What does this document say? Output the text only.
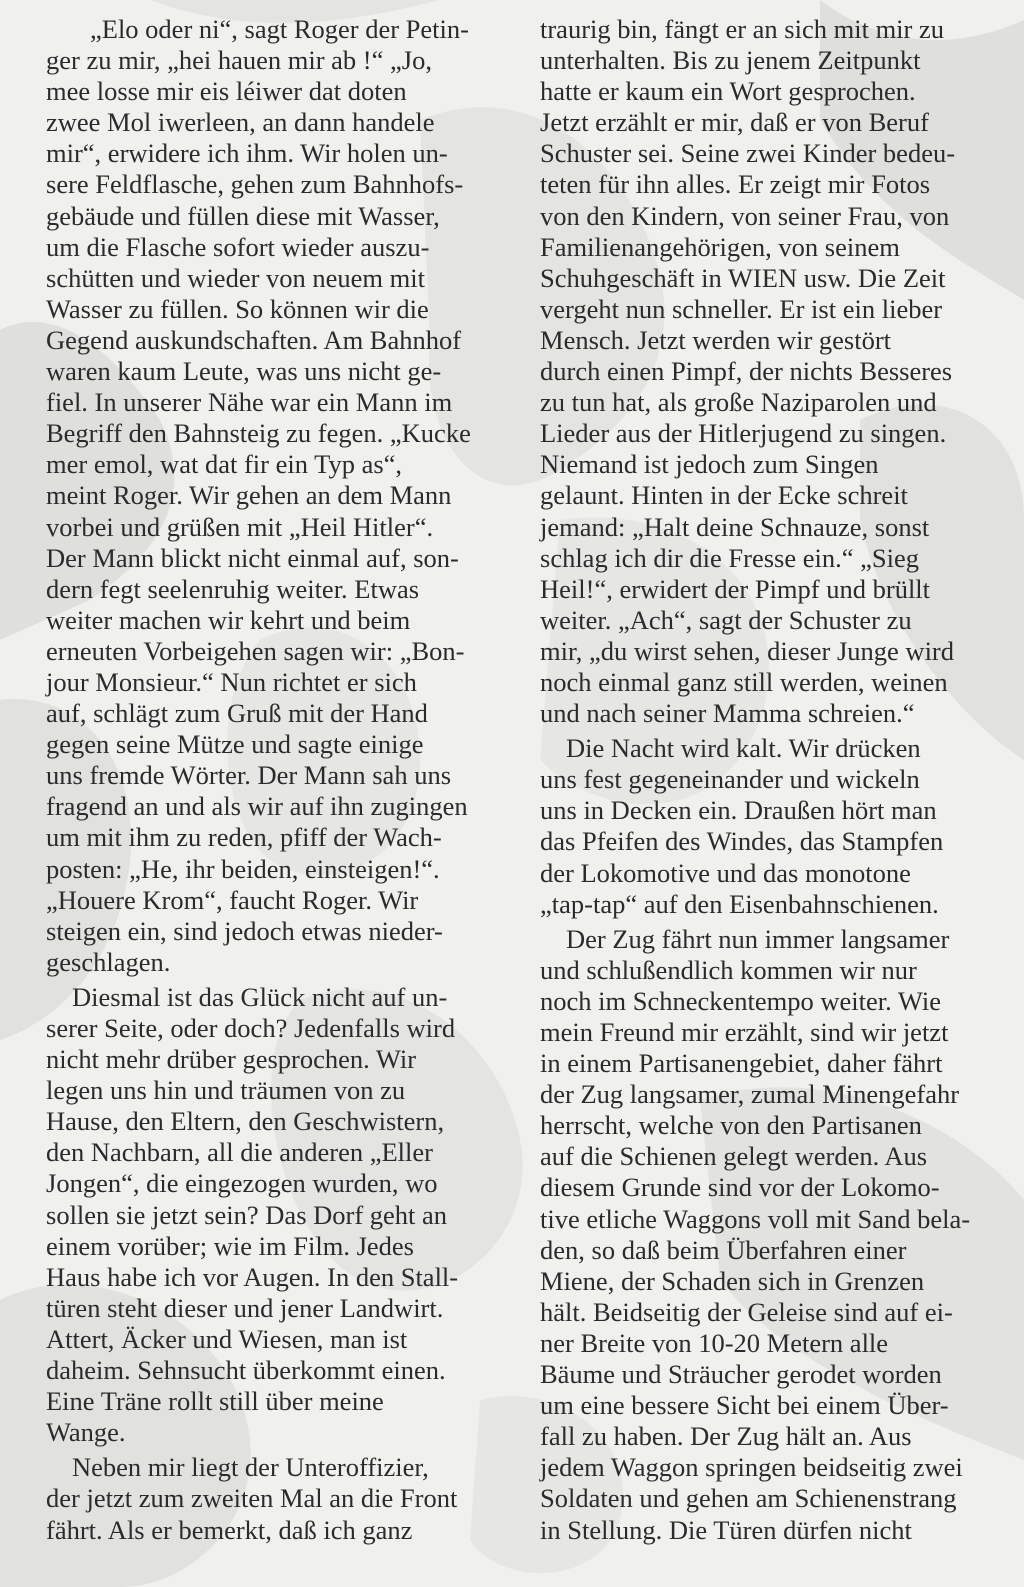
„Elo oder ni“, sagt Roger der Petin-
ger zu mir, „hei hauen mir ab !“ „Jo,
mee losse mir eis léiwer dat doten
zwee Mol iwerleen, an dann handele
mir“, erwidere ich ihm. Wir holen un-
sere Feldflasche, gehen zum Bahnhofs-
gebäude und füllen diese mit Wasser,
um die Flasche sofort wieder auszu-
schütten und wieder von neuem mit
Wasser zu füllen. So können wir die
Gegend auskundschaften. Am Bahnhof
waren kaum Leute, was uns nicht ge-
fiel. In unserer Nähe war ein Mann im
Begriff den Bahnsteig zu fegen. „Kucke
mer emol, wat dat fir ein Typ as“,
meint Roger. Wir gehen an dem Mann
vorbei und grüßen mit „Heil Hitler“.
Der Mann blickt nicht einmal auf, son-
dern fegt seelenruhig weiter. Etwas
weiter machen wir kehrt und beim
erneuten Vorbeigehen sagen wir: „Bon-
jour Monsieur.“ Nun richtet er sich
auf, schlägt zum Gruß mit der Hand
gegen seine Mütze und sagte einige
uns fremde Wörter. Der Mann sah uns
fragend an und als wir auf ihn zugingen
um mit ihm zu reden, pfiff der Wach-
posten: „He, ihr beiden, einsteigen!“.
„Houere Krom“, faucht Roger. Wir
steigen ein, sind jedoch etwas nieder-
geschlagen.
Diesmal ist das Glück nicht auf un-
serer Seite, oder doch? Jedenfalls wird
nicht mehr drüber gesprochen. Wir
legen uns hin und träumen von zu
Hause, den Eltern, den Geschwistern,
den Nachbarn, all die anderen „Eller
Jongen“, die eingezogen wurden, wo
sollen sie jetzt sein? Das Dorf geht an
einem vorüber; wie im Film. Jedes
Haus habe ich vor Augen. In den Stall-
türen steht dieser und jener Landwirt.
Attert, Äcker und Wiesen, man ist
daheim. Sehnsucht überkommt einen.
Eine Träne rollt still über meine
Wange.
Neben mir liegt der Unteroffizier,
der jetzt zum zweiten Mal an die Front
fährt. Als er bemerkt, daß ich ganz
traurig bin, fängt er an sich mit mir zu
unterhalten. Bis zu jenem Zeitpunkt
hatte er kaum ein Wort gesprochen.
Jetzt erzählt er mir, daß er von Beruf
Schuster sei. Seine zwei Kinder bedeu-
teten für ihn alles. Er zeigt mir Fotos
von den Kindern, von seiner Frau, von
Familienangehörigen, von seinem
Schuhgeschäft in WIEN usw. Die Zeit
vergeht nun schneller. Er ist ein lieber
Mensch. Jetzt werden wir gestört
durch einen Pimpf, der nichts Besseres
zu tun hat, als große Naziparolen und
Lieder aus der Hitlerjugend zu singen.
Niemand ist jedoch zum Singen
gelaunt. Hinten in der Ecke schreit
jemand: „Halt deine Schnauze, sonst
schlag ich dir die Fresse ein.“ „Sieg
Heil!“, erwidert der Pimpf und brüllt
weiter. „Ach“, sagt der Schuster zu
mir, „du wirst sehen, dieser Junge wird
noch einmal ganz still werden, weinen
und nach seiner Mamma schreien.“
Die Nacht wird kalt. Wir drücken
uns fest gegeneinander und wickeln
uns in Decken ein. Draußen hört man
das Pfeifen des Windes, das Stampfen
der Lokomotive und das monotone
„tap-tap“ auf den Eisenbahnschienen.
Der Zug fährt nun immer langsamer
und schlußendlich kommen wir nur
noch im Schneckentempo weiter. Wie
mein Freund mir erzählt, sind wir jetzt
in einem Partisanengebiet, daher fährt
der Zug langsamer, zumal Minengefahr
herrscht, welche von den Partisanen
auf die Schienen gelegt werden. Aus
diesem Grunde sind vor der Lokomo-
tive etliche Waggons voll mit Sand bela-
den, so daß beim Überfahren einer
Miene, der Schaden sich in Grenzen
hält. Beidseitig der Geleise sind auf ei-
ner Breite von 10-20 Metern alle
Bäume und Sträucher gerodet worden
um eine bessere Sicht bei einem Über-
fall zu haben. Der Zug hält an. Aus
jedem Waggon springen beidseitig zwei
Soldaten und gehen am Schienenstrang
in Stellung. Die Türen dürfen nicht
